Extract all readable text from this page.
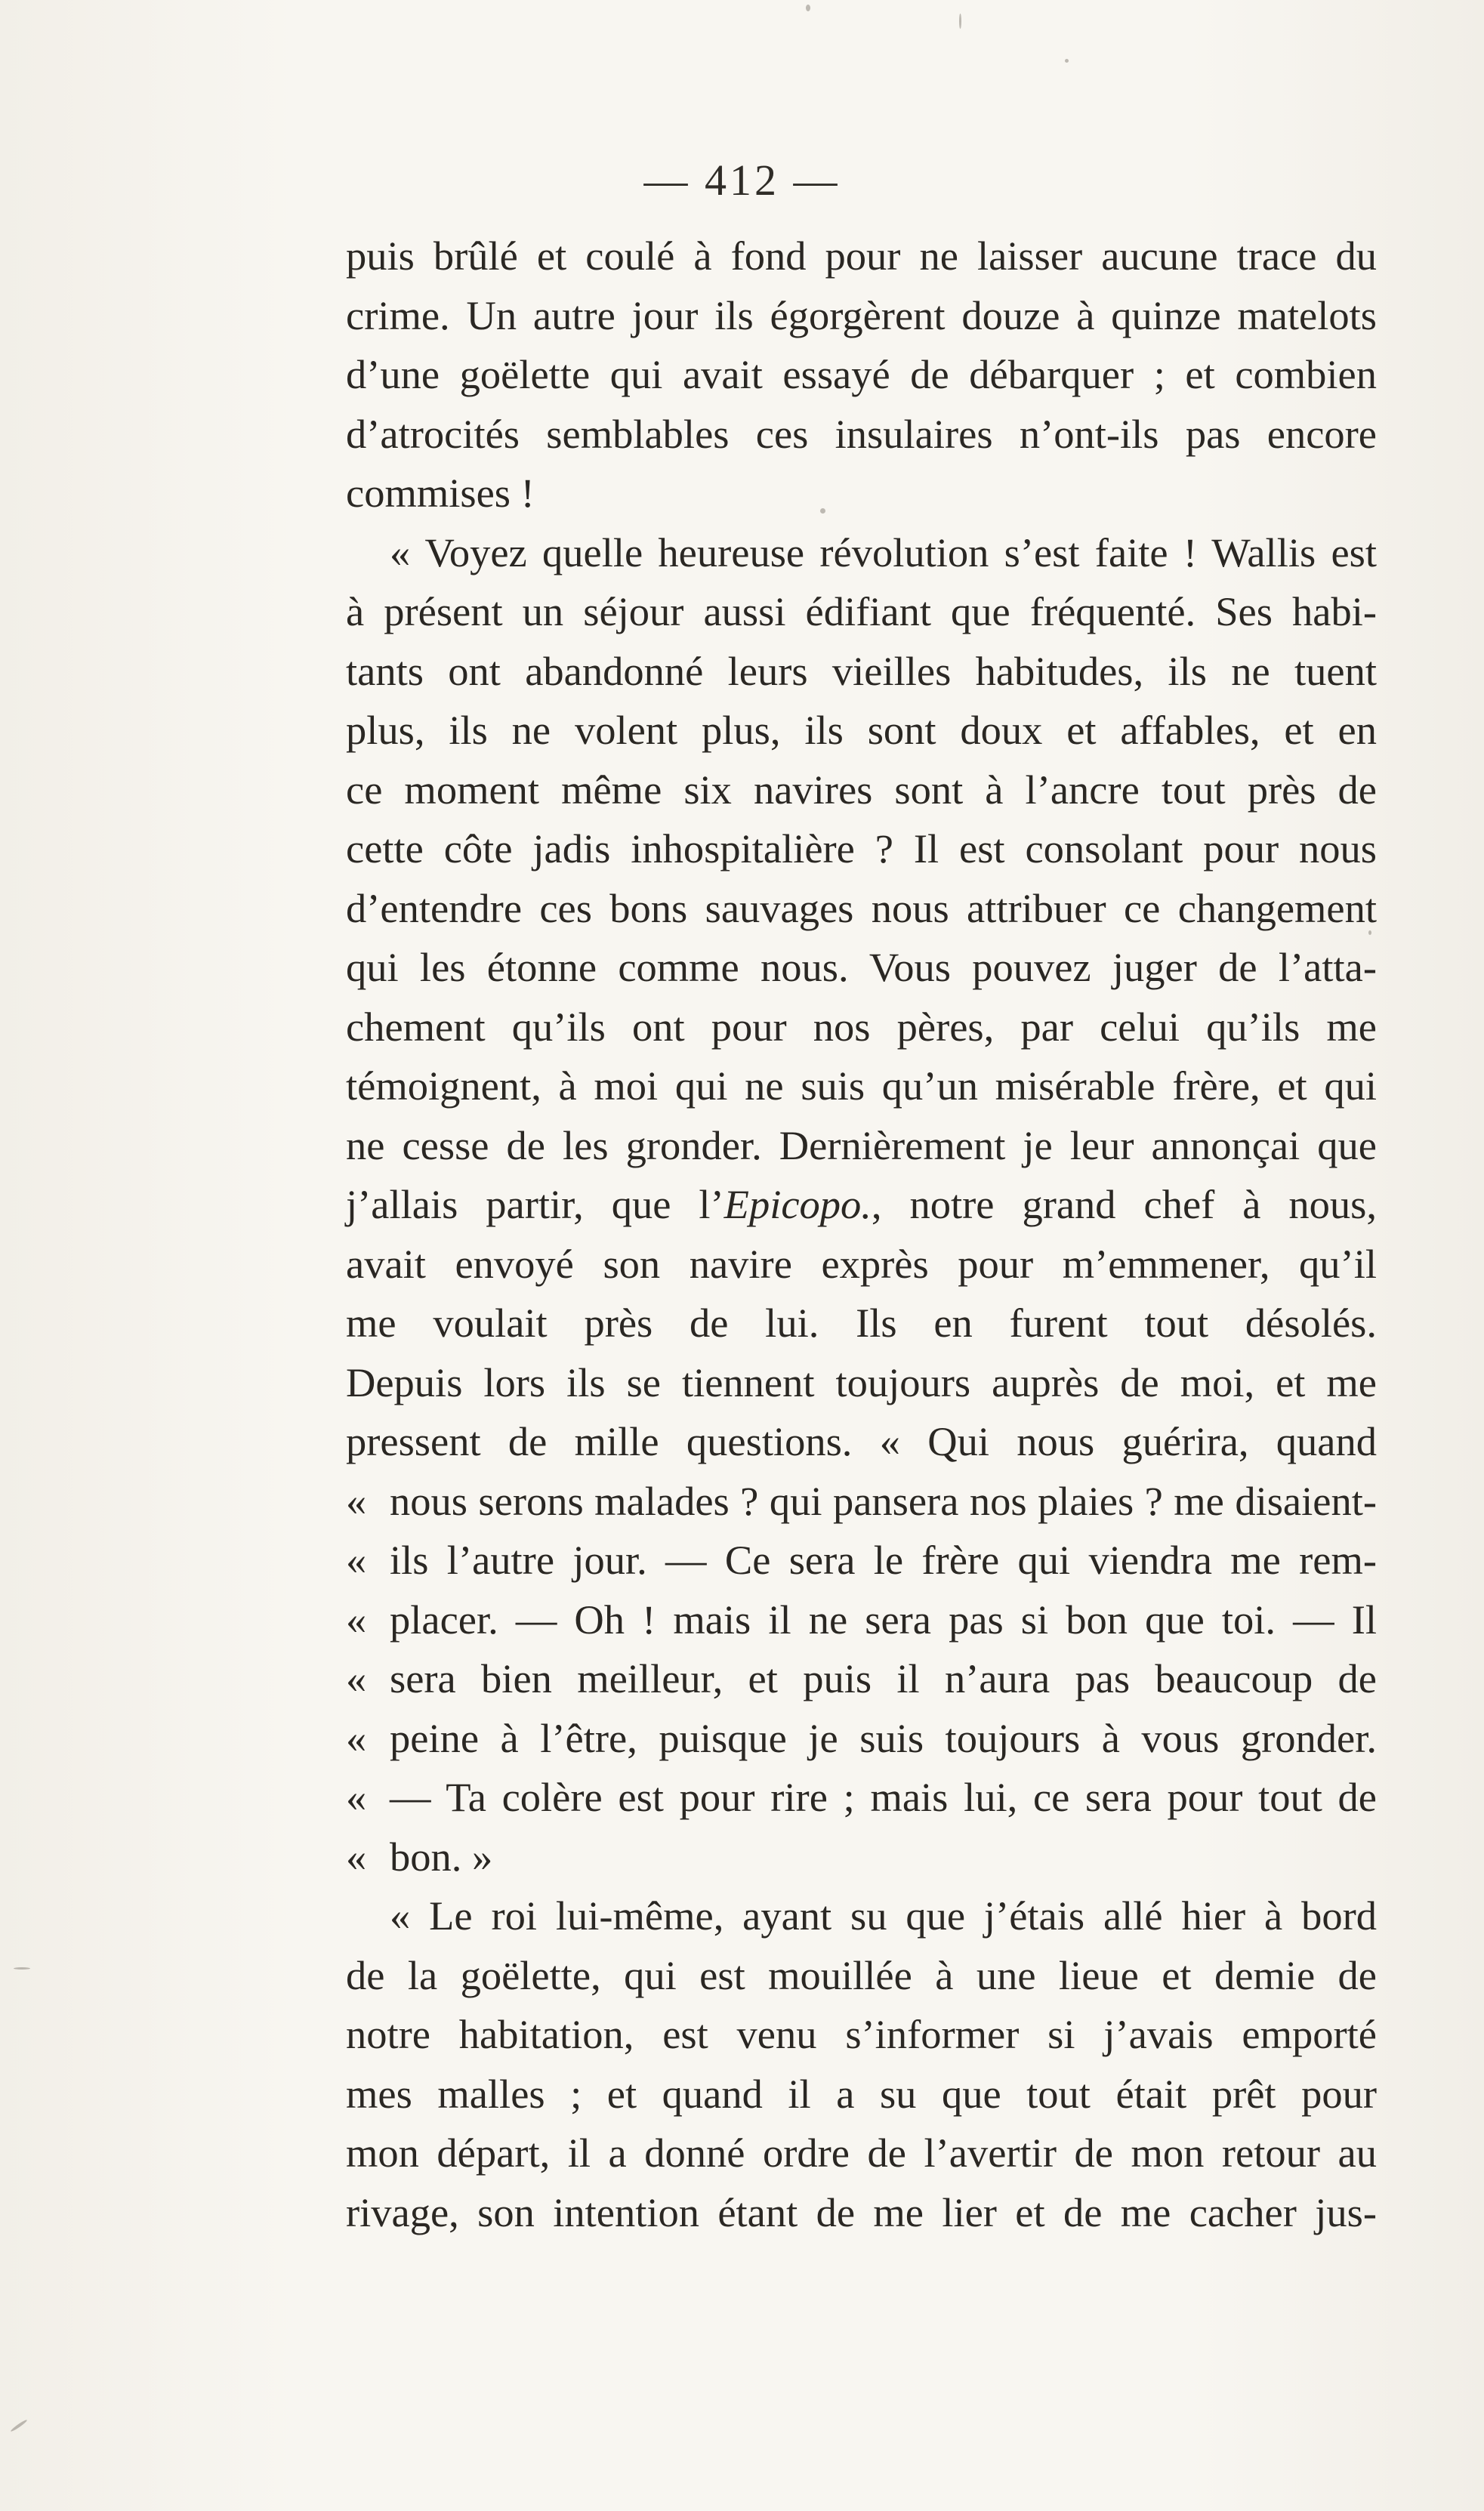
— 412 —
puis brûlé et coulé à fond pour ne laisser aucune trace du
crime. Un autre jour ils égorgèrent douze à quinze matelots
d’une goëlette qui avait essayé de débarquer ; et combien
d’atrocités semblables ces insulaires n’ont-ils pas encore
commises !
« Voyez quelle heureuse révolution s’est faite ! Wallis est
à présent un séjour aussi édifiant que fréquenté. Ses habi-
tants ont abandonné leurs vieilles habitudes, ils ne tuent
plus, ils ne volent plus, ils sont doux et affables, et en
ce moment même six navires sont à l’ancre tout près de
cette côte jadis inhospitalière ? Il est consolant pour nous
d’entendre ces bons sauvages nous attribuer ce changement
qui les étonne comme nous. Vous pouvez juger de l’atta-
chement qu’ils ont pour nos pères, par celui qu’ils me
témoignent, à moi qui ne suis qu’un misérable frère, et qui
ne cesse de les gronder. Dernièrement je leur annonçai que
j’allais partir, que l’Epicopo., notre grand chef à nous,
avait envoyé son navire exprès pour m’emmener, qu’il
me voulait près de lui. Ils en furent tout désolés.
Depuis lors ils se tiennent toujours auprès de moi, et me
pressent de mille questions. « Qui nous guérira, quand
« nous serons malades ? qui pansera nos plaies ? me disaient-
« ils l’autre jour. — Ce sera le frère qui viendra me rem-
« placer. — Oh ! mais il ne sera pas si bon que toi. — Il
« sera bien meilleur, et puis il n’aura pas beaucoup de
« peine à l’être, puisque je suis toujours à vous gronder.
« — Ta colère est pour rire ; mais lui, ce sera pour tout de
« bon. »
« Le roi lui-même, ayant su que j’étais allé hier à bord
de la goëlette, qui est mouillée à une lieue et demie de
notre habitation, est venu s’informer si j’avais emporté
mes malles ; et quand il a su que tout était prêt pour
mon départ, il a donné ordre de l’avertir de mon retour au
rivage, son intention étant de me lier et de me cacher jus-
